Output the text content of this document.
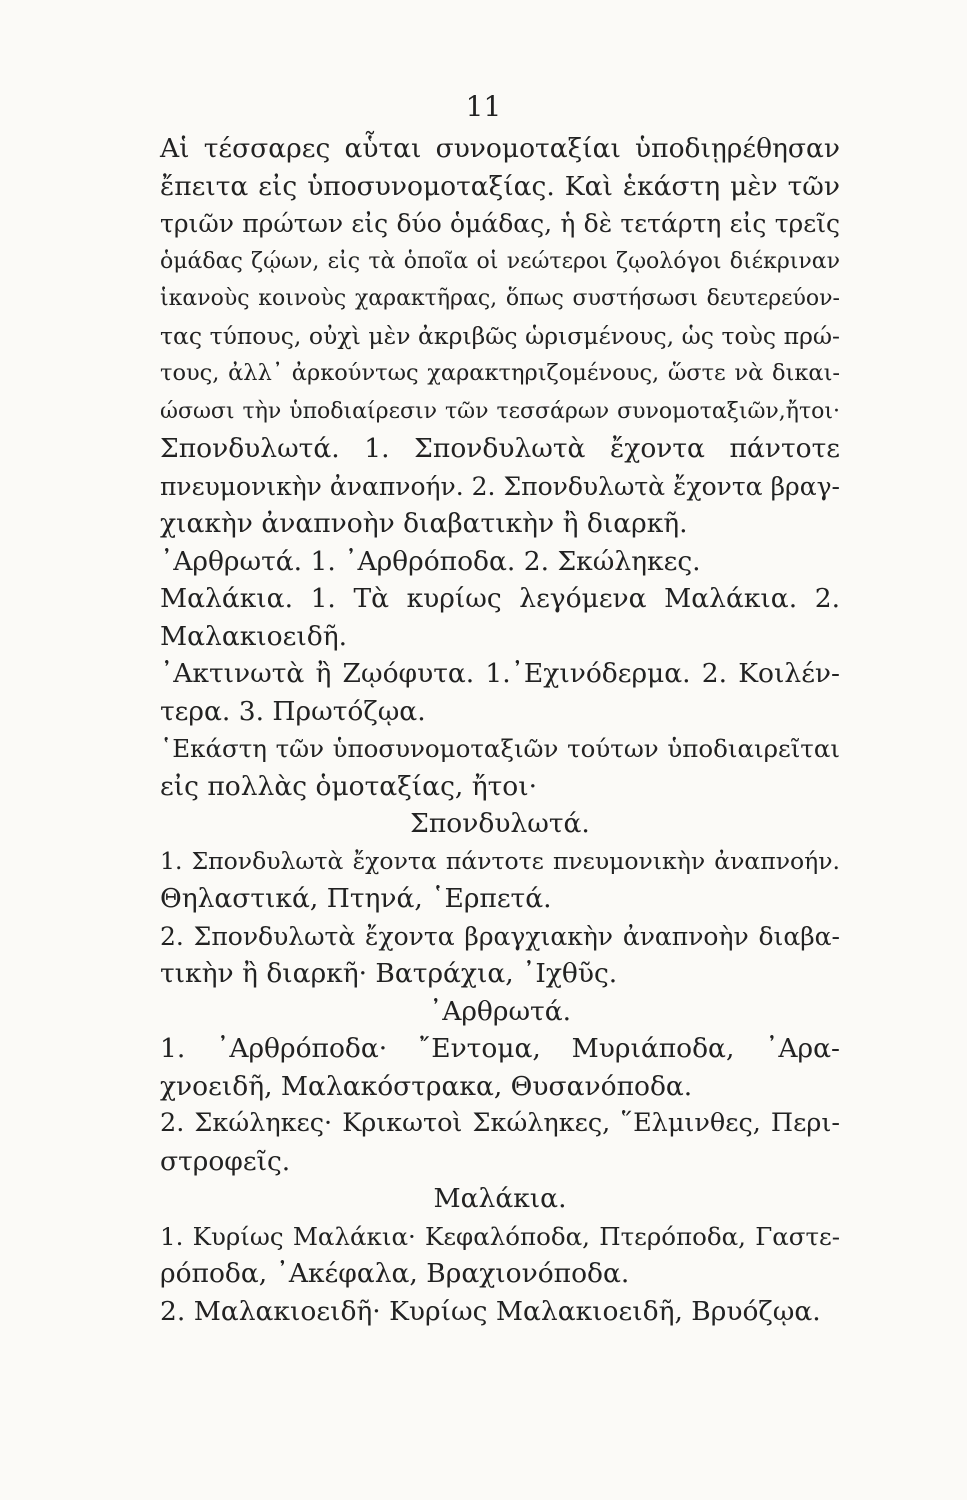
11
Αἱ τέσσαρες αὗται συνομοταξίαι ὑποδιῃρέθησαν
ἔπειτα εἰς ὑποσυνομοταξίας. Καὶ ἑκάστη μὲν τῶν
τριῶν πρώτων εἰς δύο ὁμάδας, ἡ δὲ τετάρτη εἰς τρεῖς
ὁμάδας ζῴων, εἰς τὰ ὁποῖα οἱ νεώτεροι ζῳολόγοι διέκριναν
ἱκανοὺς κοινοὺς χαρακτῆρας, ὅπως συστήσωσι δευτερεύον-
τας τύπους, οὐχὶ μὲν ἀκριβῶς ὡρισμένους, ὡς τοὺς πρώ-
τους, ἀλλ᾽ ἀρκούντως χαρακτηριζομένους, ὥστε νὰ δικαι-
ώσωσι τὴν ὑποδιαίρεσιν τῶν τεσσάρων συνομοταξιῶν,ἤτοι·
Σπονδυλωτά. 1. Σπονδυλωτὰ ἔχοντα πάντοτε
πνευμονικὴν ἀναπνοήν. 2. Σπονδυλωτὰ ἔχοντα βραγ-
χιακὴν ἀναπνοὴν διαβατικὴν ἢ διαρκῆ.
᾽Αρθρωτά. 1. ᾽Αρθρόποδα. 2. Σκώληκες.
Μαλάκια. 1. Τὰ κυρίως λεγόμενα Μαλάκια. 2.
Μαλακιοειδῆ.
᾽Ακτινωτὰ ἢ Ζῳόφυτα. 1.᾽Εχινόδερμα. 2. Κοιλέν-
τερα. 3. Πρωτόζῳα.
῾Εκάστη τῶν ὑποσυνομοταξιῶν τούτων ὑποδιαιρεῖται
εἰς πολλὰς ὁμοταξίας, ἤτοι·
Σπονδυλωτά.
1. Σπονδυλωτὰ ἔχοντα πάντοτε πνευμονικὴν ἀναπνοήν.
Θηλαστικά, Πτηνά, ῾Ερπετά.
2. Σπονδυλωτὰ ἔχοντα βραγχιακὴν ἀναπνοὴν διαβα-
τικὴν ἢ διαρκῆ· Βατράχια, ᾽Ιχθῦς.
᾽Αρθρωτά.
1. ᾽Αρθρόποδα· ῎Εντομα, Μυριάποδα, ᾽Αρα-
χνοειδῆ, Μαλακόστρακα, Θυσανόποδα.
2. Σκώληκες· Κρικωτοὶ Σκώληκες, ῞Ελμινθες, Περι-
στροφεῖς.
Μαλάκια.
1. Κυρίως Μαλάκια· Κεφαλόποδα, Πτερόποδα, Γαστε-
ρόποδα, ᾽Ακέφαλα, Βραχιονόποδα.
2. Μαλακιοειδῆ· Κυρίως Μαλακιοειδῆ, Βρυόζῳα.
